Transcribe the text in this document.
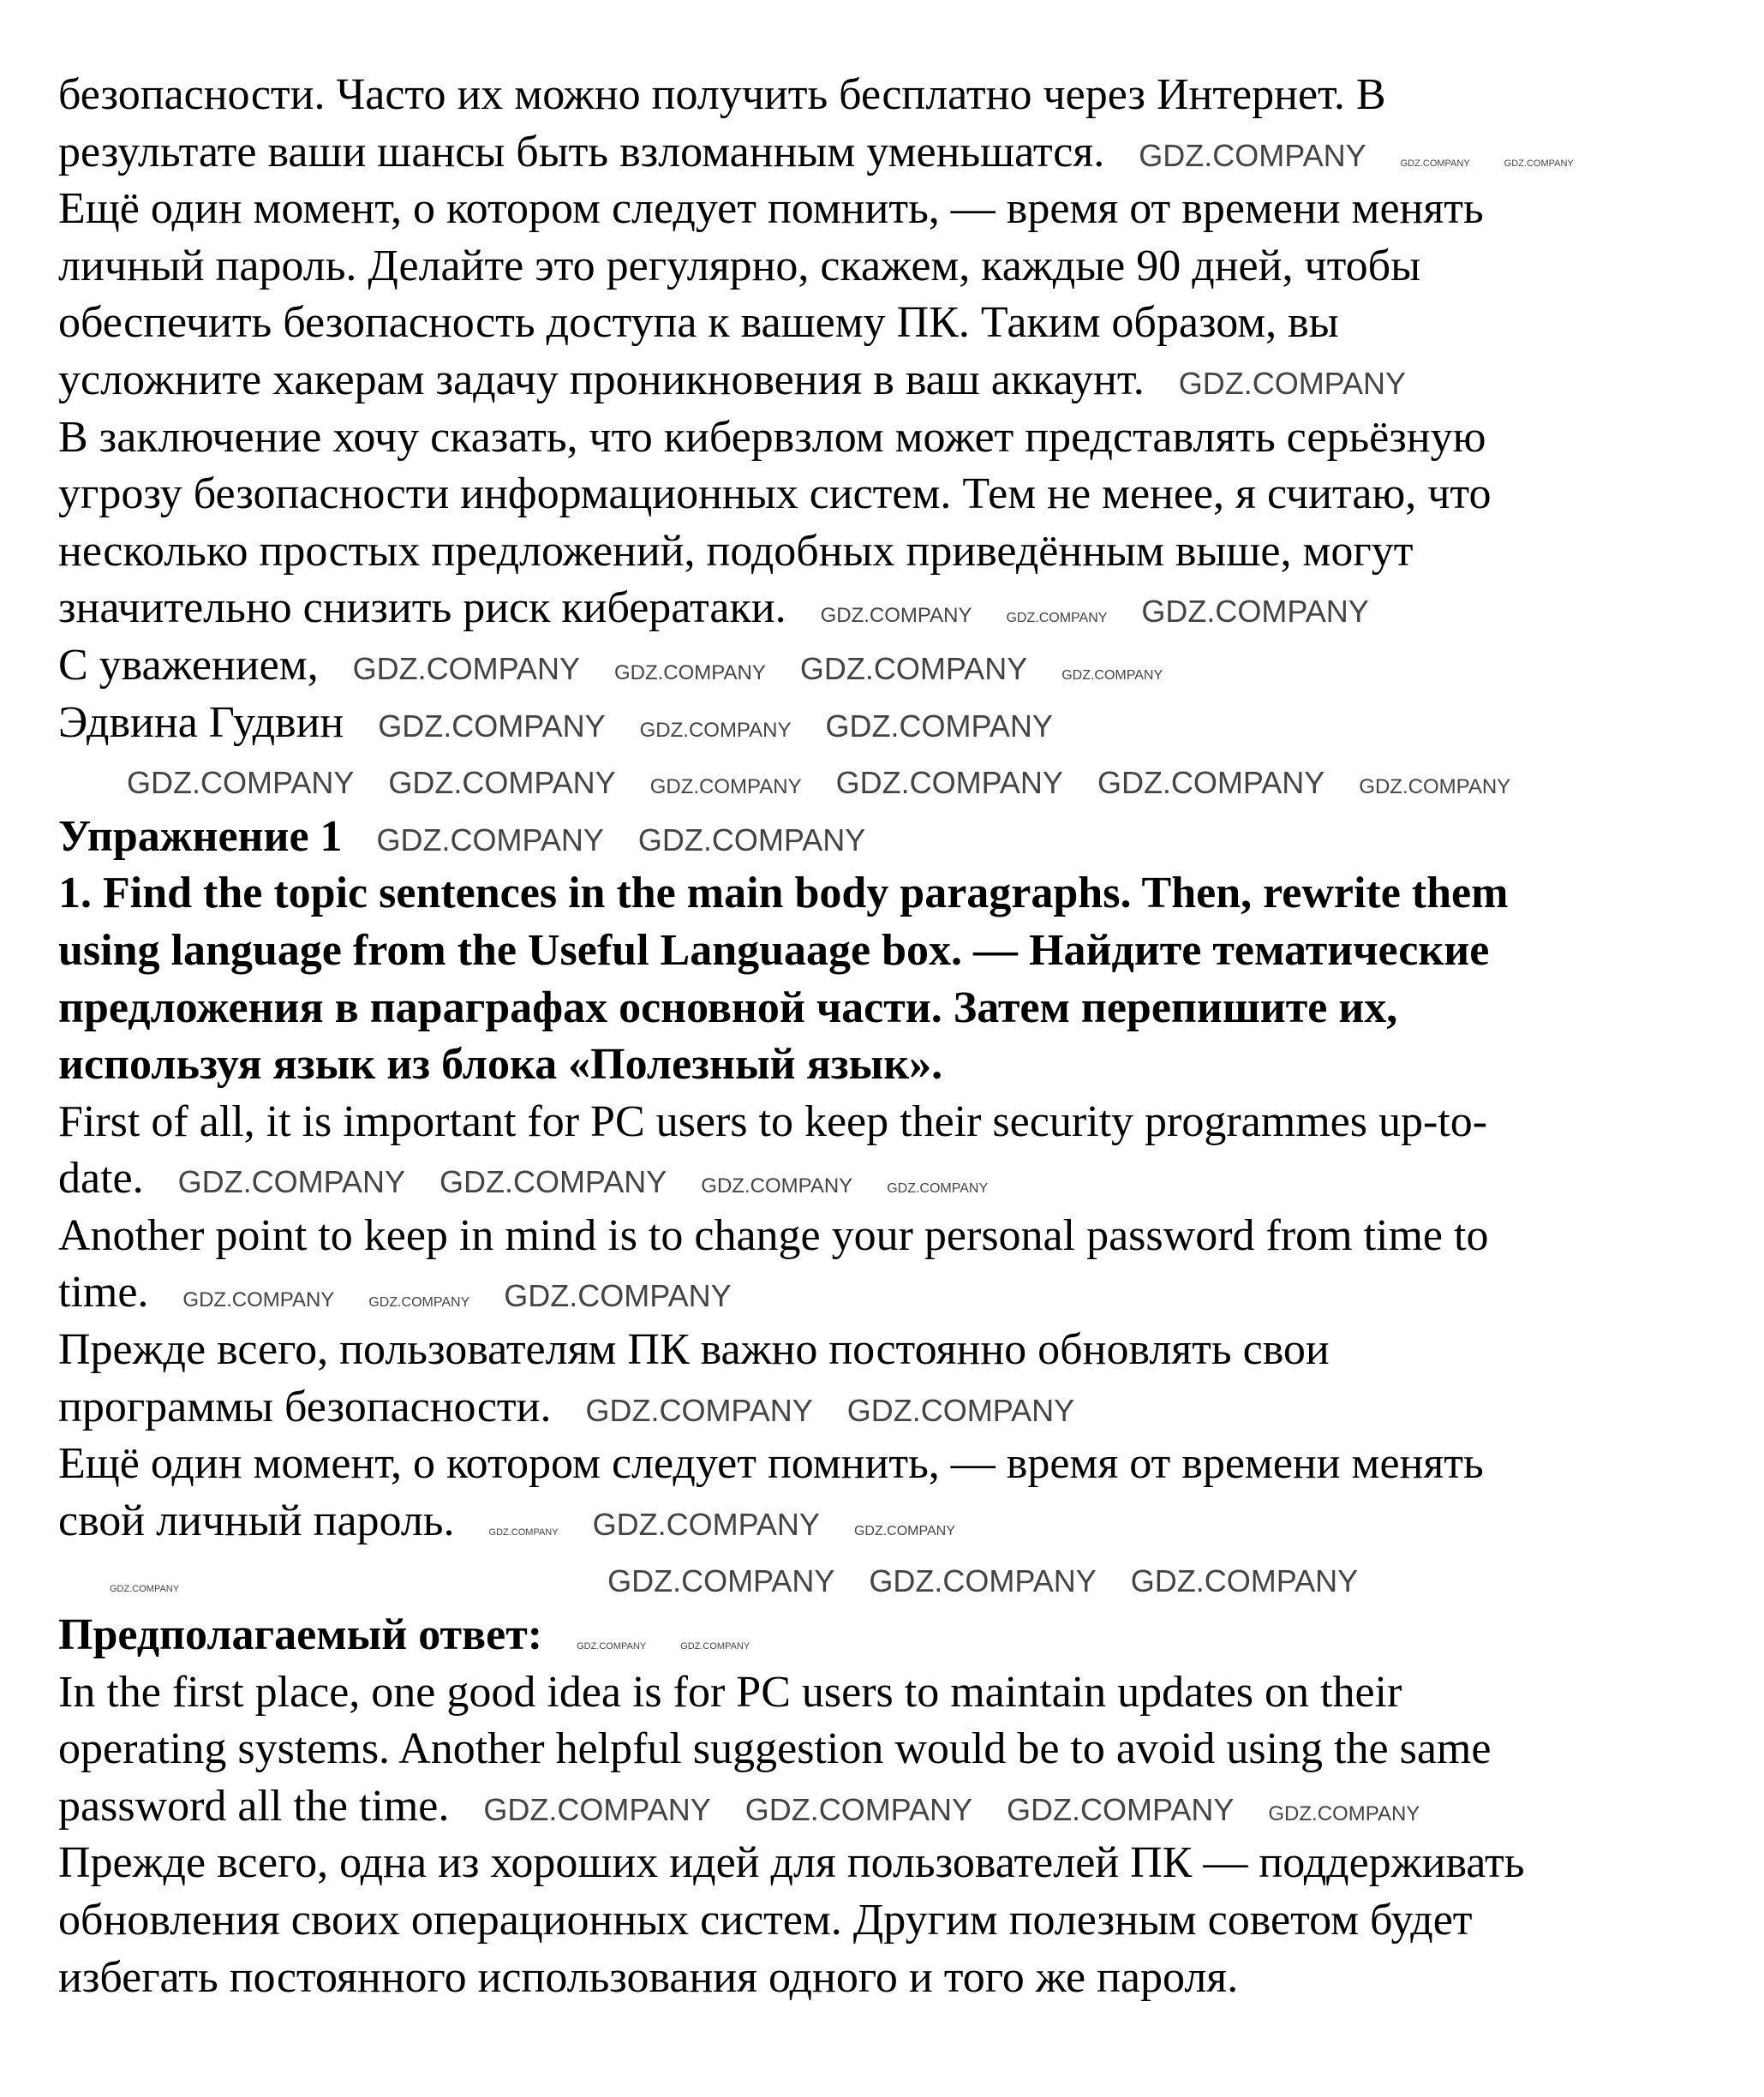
безопасности. Часто их можно получить бесплатно через Интернет. В
результате ваши шансы быть взломанным уменьшатся. GDZ.COMPANY	GDZ.COMPANY	GDZ.COMPANY
Ещё один момент, о котором следует помнить, — время от времени менять
личный пароль. Делайте это регулярно, скажем, каждые 90 дней, чтобы
обеспечить безопасность доступа к вашему ПК. Таким образом, вы
усложните хакерам задачу проникновения в ваш аккаунт. GDZ.COMPANY
В заключение хочу сказать, что кибервзлом может представлять серьёзную
угрозу безопасности информационных систем. Тем не менее, я считаю, что
несколько простых предложений, подобных приведённым выше, могут
значительно снизить риск кибератаки. GDZ.COMPANY	GDZ.COMPANY GDZ.COMPANY
С уважением, GDZ.COMPANY GDZ.COMPANY GDZ.COMPANY	GDZ.COMPANY
Эдвина Гудвин GDZ.COMPANY GDZ.COMPANY GDZ.COMPANY
GDZ.COMPANY GDZ.COMPANY GDZ.COMPANY GDZ.COMPANY GDZ.COMPANY GDZ.COMPANY
Упражнение 1 GDZ.COMPANY GDZ.COMPANY
1. Find the topic sentences in the main body paragraphs. Then, rewrite them
using language from the Useful Languaage box. — Найдите тематические
предложения в параграфах основной части. Затем перепишите их,
используя язык из блока «Полезный язык».
First of all, it is important for PC users to keep their security programmes up-to-
date. GDZ.COMPANY GDZ.COMPANY GDZ.COMPANY	GDZ.COMPANY
Another point to keep in mind is to change your personal password from time to
time. GDZ.COMPANY	GDZ.COMPANY GDZ.COMPANY
Прежде всего, пользователям ПК важно постоянно обновлять свои
программы безопасности. GDZ.COMPANY GDZ.COMPANY
Ещё один момент, о котором следует помнить, — время от времени менять
свой личный пароль.	GDZ.COMPANY GDZ.COMPANY	GDZ.COMPANY
GDZ.COMPANY	GDZ.COMPANY GDZ.COMPANY GDZ.COMPANY
Предполагаемый ответ:	GDZ.COMPANY	GDZ.COMPANY
In the first place, one good idea is for PC users to maintain updates on their
operating systems. Another helpful suggestion would be to avoid using the same
password all the time. GDZ.COMPANY GDZ.COMPANY GDZ.COMPANY GDZ.COMPANY
Прежде всего, одна из хороших идей для пользователей ПК — поддерживать
обновления своих операционных систем. Другим полезным советом будет
избегать постоянного использования одного и того же пароля.
